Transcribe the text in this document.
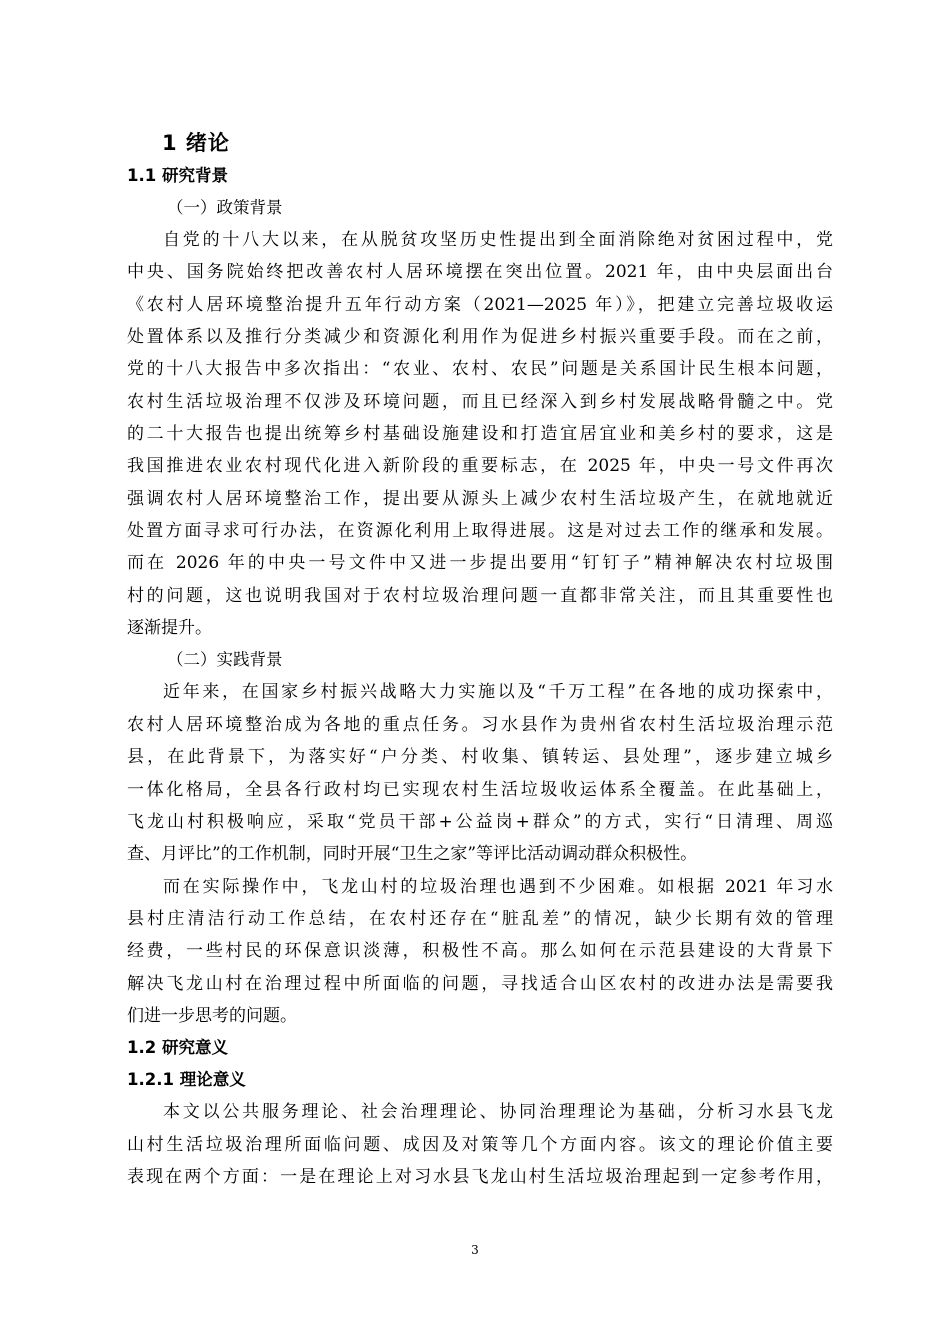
1 绪论
1.1 研究背景
（一）政策背景
自党的十八大以来，在从脱贫攻坚历史性提出到全面消除绝对贫困过程中，党
中央、国务院始终把改善农村人居环境摆在突出位置。2021 年，由中央层面出台
《农村人居环境整治提升五年行动方案（2021—2025 年）》，把建立完善垃圾收运
处置体系以及推行分类减少和资源化利用作为促进乡村振兴重要手段。而在之前，
党的十八大报告中多次指出：“农业、农村、农民”问题是关系国计民生根本问题，
农村生活垃圾治理不仅涉及环境问题，而且已经深入到乡村发展战略骨髓之中。党
的二十大报告也提出统筹乡村基础设施建设和打造宜居宜业和美乡村的要求，这是
我国推进农业农村现代化进入新阶段的重要标志，在 2025 年，中央一号文件再次
强调农村人居环境整治工作，提出要从源头上减少农村生活垃圾产生，在就地就近
处置方面寻求可行办法，在资源化利用上取得进展。这是对过去工作的继承和发展。
而在 2026 年的中央一号文件中又进一步提出要用“钉钉子”精神解决农村垃圾围
村的问题，这也说明我国对于农村垃圾治理问题一直都非常关注，而且其重要性也
逐渐提升。
（二）实践背景
近年来，在国家乡村振兴战略大力实施以及“千万工程”在各地的成功探索中，
农村人居环境整治成为各地的重点任务。习水县作为贵州省农村生活垃圾治理示范
县，在此背景下，为落实好“户分类、村收集、镇转运、县处理”，逐步建立城乡
一体化格局，全县各行政村均已实现农村生活垃圾收运体系全覆盖。在此基础上，
飞龙山村积极响应，采取“党员干部+公益岗+群众”的方式，实行“日清理、周巡
查、月评比”的工作机制，同时开展“卫生之家”等评比活动调动群众积极性。
而在实际操作中，飞龙山村的垃圾治理也遇到不少困难。如根据 2021 年习水
县村庄清洁行动工作总结，在农村还存在“脏乱差”的情况，缺少长期有效的管理
经费，一些村民的环保意识淡薄，积极性不高。那么如何在示范县建设的大背景下
解决飞龙山村在治理过程中所面临的问题，寻找适合山区农村的改进办法是需要我
们进一步思考的问题。
1.2 研究意义
1.2.1 理论意义
本文以公共服务理论、社会治理理论、协同治理理论为基础，分析习水县飞龙
山村生活垃圾治理所面临问题、成因及对策等几个方面内容。该文的理论价值主要
表现在两个方面：一是在理论上对习水县飞龙山村生活垃圾治理起到一定参考作用，
3
